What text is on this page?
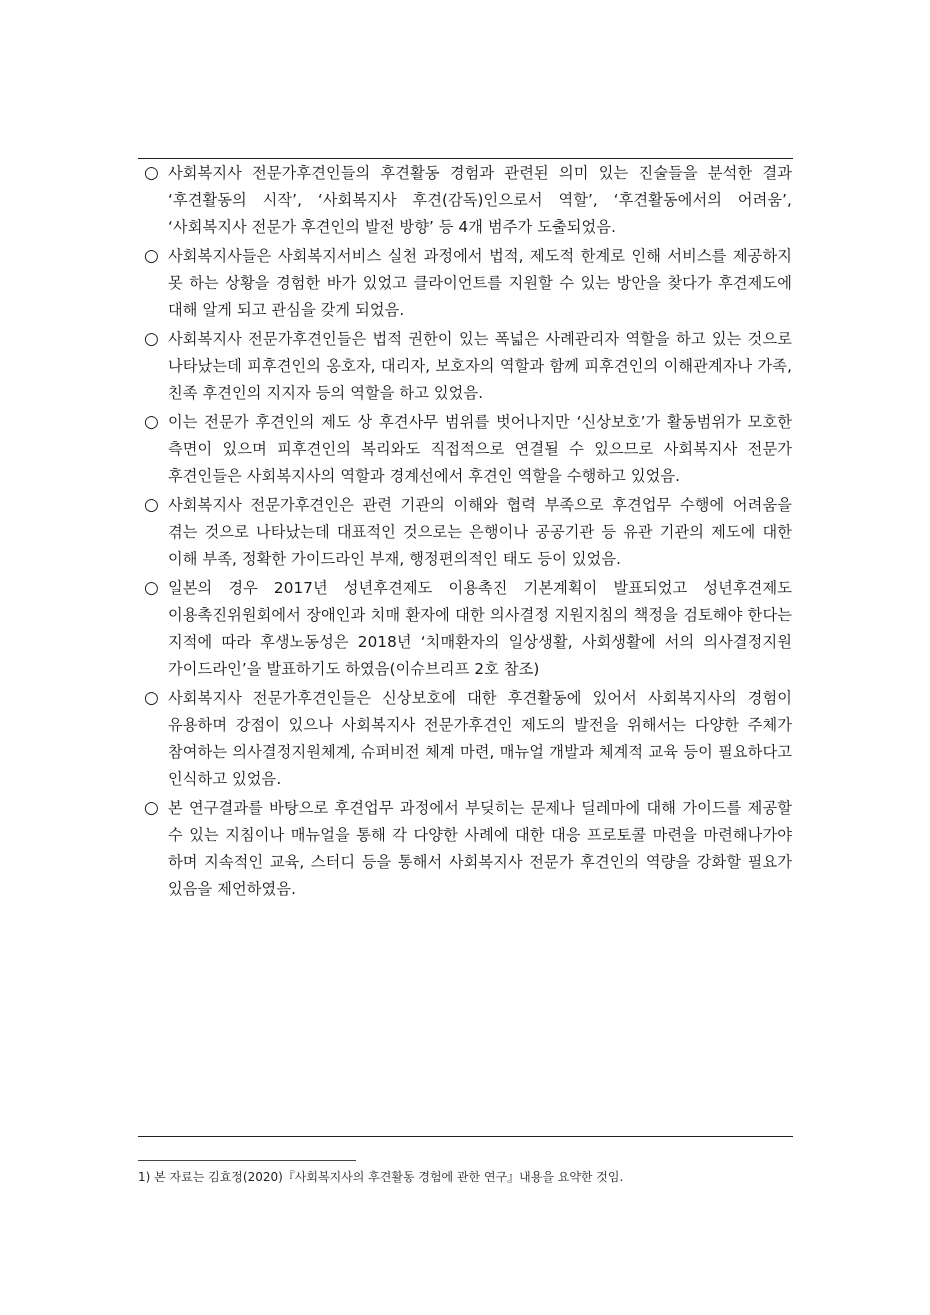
○ 사회복지사 전문가후견인들의 후견활동 경험과 관련된 의미 있는 진술들을 분석한 결과 ‘후견활동의 시작’, ‘사회복지사 후견(감독)인으로서 역할’, ‘후견활동에서의 어려움’, ‘사회복지사 전문가 후견인의 발전 방향’ 등 4개 범주가 도출되었음.
○ 사회복지사들은 사회복지서비스 실천 과정에서 법적, 제도적 한계로 인해 서비스를 제공하지 못 하는 상황을 경험한 바가 있었고 클라이언트를 지원할 수 있는 방안을 찾다가 후견제도에 대해 알게 되고 관심을 갖게 되었음.
○ 사회복지사 전문가후견인들은 법적 권한이 있는 폭넓은 사례관리자 역할을 하고 있는 것으로 나타났는데 피후견인의 옹호자, 대리자, 보호자의 역할과 함께 피후견인의 이해관계자나 가족, 친족 후견인의 지지자 등의 역할을 하고 있었음.
○ 이는 전문가 후견인의 제도 상 후견사무 범위를 벗어나지만 ‘신상보호’가 활동범위가 모호한 측면이 있으며 피후견인의 복리와도 직접적으로 연결될 수 있으므로 사회복지사 전문가 후견인들은 사회복지사의 역할과 경계선에서 후견인 역할을 수행하고 있었음.
○ 사회복지사 전문가후견인은 관련 기관의 이해와 협력 부족으로 후견업무 수행에 어려움을 겪는 것으로 나타났는데 대표적인 것으로는 은행이나 공공기관 등 유관 기관의 제도에 대한 이해 부족, 정확한 가이드라인 부재, 행정편의적인 태도 등이 있었음.
○ 일본의 경우 2017년 성년후견제도 이용촉진 기본계획이 발표되었고 성년후견제도 이용촉진위원회에서 장애인과 치매 환자에 대한 의사결정 지원지침의 책정을 검토해야 한다는 지적에 따라 후생노동성은 2018년 ‘치매환자의 일상생활, 사회생활에 서의 의사결정지원 가이드라인’을 발표하기도 하였음(이슈브리프 2호 참조)
○ 사회복지사 전문가후견인들은 신상보호에 대한 후견활동에 있어서 사회복지사의 경험이 유용하며 강점이 있으나 사회복지사 전문가후견인 제도의 발전을 위해서는 다양한 주체가 참여하는 의사결정지원체계, 슈퍼비전 체계 마련, 매뉴얼 개발과 체계적 교육 등이 필요하다고 인식하고 있었음.
○ 본 연구결과를 바탕으로 후견업무 과정에서 부딪히는 문제나 딜레마에 대해 가이드를 제공할 수 있는 지침이나 매뉴얼을 통해 각 다양한 사례에 대한 대응 프로토콜 마련을 마련해나가야 하며 지속적인 교육, 스터디 등을 통해서 사회복지사 전문가 후견인의 역량을 강화할 필요가 있음을 제언하였음.
1) 본 자료는 김효정(2020)『사회복지사의 후견활동 경험에 관한 연구』내용을 요약한 것임.
